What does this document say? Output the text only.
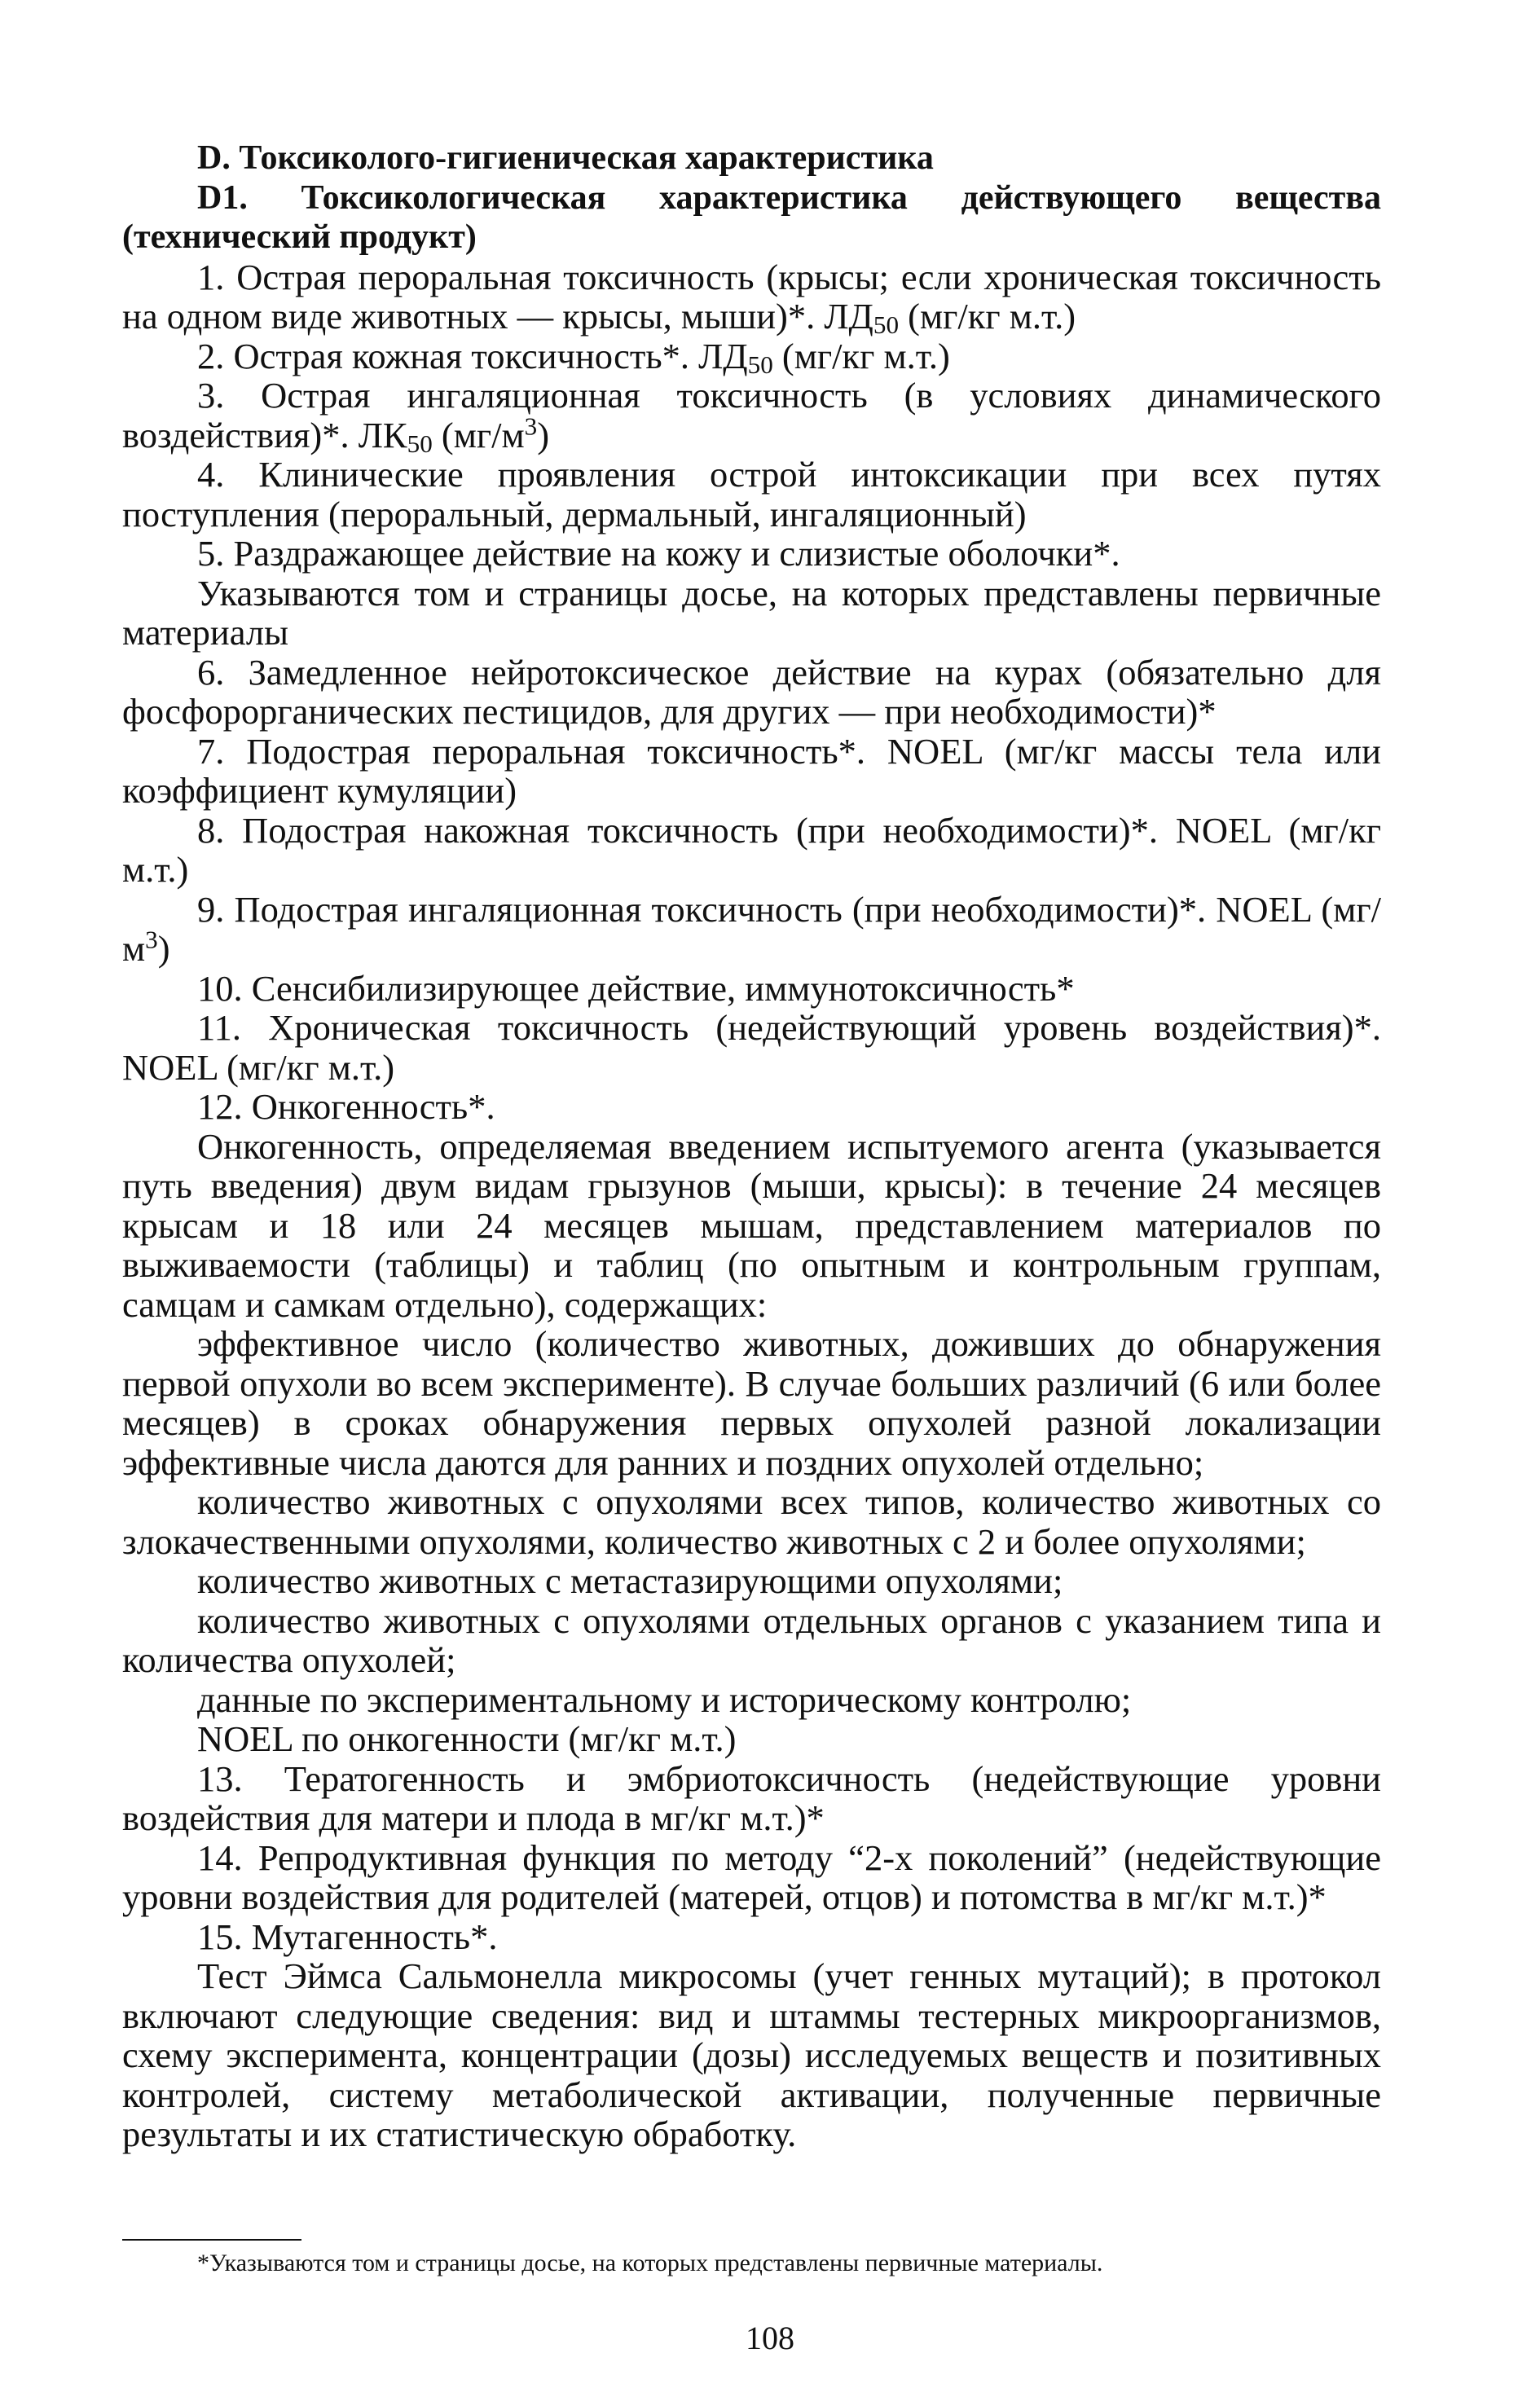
D. Токсиколого-гигиеническая характеристика

D1. Токсикологическая характеристика действующего вещества (технический продукт)

1. Острая пероральная токсичность (крысы; если хроническая токсичность на одном виде животных — крысы, мыши)*. $ЛД_{50}$ (мг/кг м.т.)

2. Острая кожная токсичность*. $ЛД_{50}$ (мг/кг м.т.)

3. Острая ингаляционная токсичность (в условиях динамического воздействия)*. $ЛК_{50}$ $(мг/м^3)$

4. Клинические проявления острой интоксикации при всех путях поступления (пероральный, дермальный, ингаляционный)

5. Раздражающее действие на кожу и слизистые оболочки*.

Указываются том и страницы досье, на которых представлены первичные материалы

6. Замедленное нейротоксическое действие на курах (обязательно для фосфорорганических пестицидов, для других — при необходимости)*

7. Подострая пероральная токсичность*. NOEL (мг/кг массы тела или коэффициент кумуляции)

8. Подострая накожная токсичность (при необходимости)*. NOEL (мг/кг м.т.)

9. Подострая ингаляционная токсичность (при необходимости)*. NOEL $(мг/м^3)$

10. Сенсибилизирующее действие, иммунотоксичность*

11. Хроническая токсичность (недействующий уровень воздействия)*. NOEL (мг/кг м.т.)

12. Онкогенность*.

Онкогенность, определяемая введением испытуемого агента (указывается путь введения) двум видам грызунов (мыши, крысы): в течение 24 месяцев крысам и 18 или 24 месяцев мышам, представлением материалов по выживаемости (таблицы) и таблиц (по опытным и контрольным группам, самцам и самкам отдельно), содержащих:

эффективное число (количество животных, доживших до обнаружения первой опухоли во всем эксперименте). В случае больших различий (6 или более месяцев) в сроках обнаружения первых опухолей разной локализации эффективные числа даются для ранних и поздних опухолей отдельно;

количество животных с опухолями всех типов, количество животных со злокачественными опухолями, количество животных с 2 и более опухолями;

количество животных с метастазирующими опухолями;

количество животных с опухолями отдельных органов с указанием типа и количества опухолей;

данные по экспериментальному и историческому контролю;

NOEL по онкогенности (мг/кг м.т.)

13. Тератогенность и эмбриотоксичность (недействующие уровни воздействия для матери и плода в мг/кг м.т.)*

14. Репродуктивная функция по методу “2-х поколений” (недействующие уровни воздействия для родителей (матерей, отцов) и потомства в мг/кг м.т.)*

15. Мутагенность*.

Тест Эймса Сальмонелла микросомы (учет генных мутаций); в протокол включают следующие сведения: вид и штаммы тестерных микроорганизмов, схему эксперимента, концентрации (дозы) исследуемых веществ и позитивных контролей, систему метаболической активации, полученные первичные результаты и их статистическую обработку.

*Указываются том и страницы досье, на которых представлены первичные материалы.

108
